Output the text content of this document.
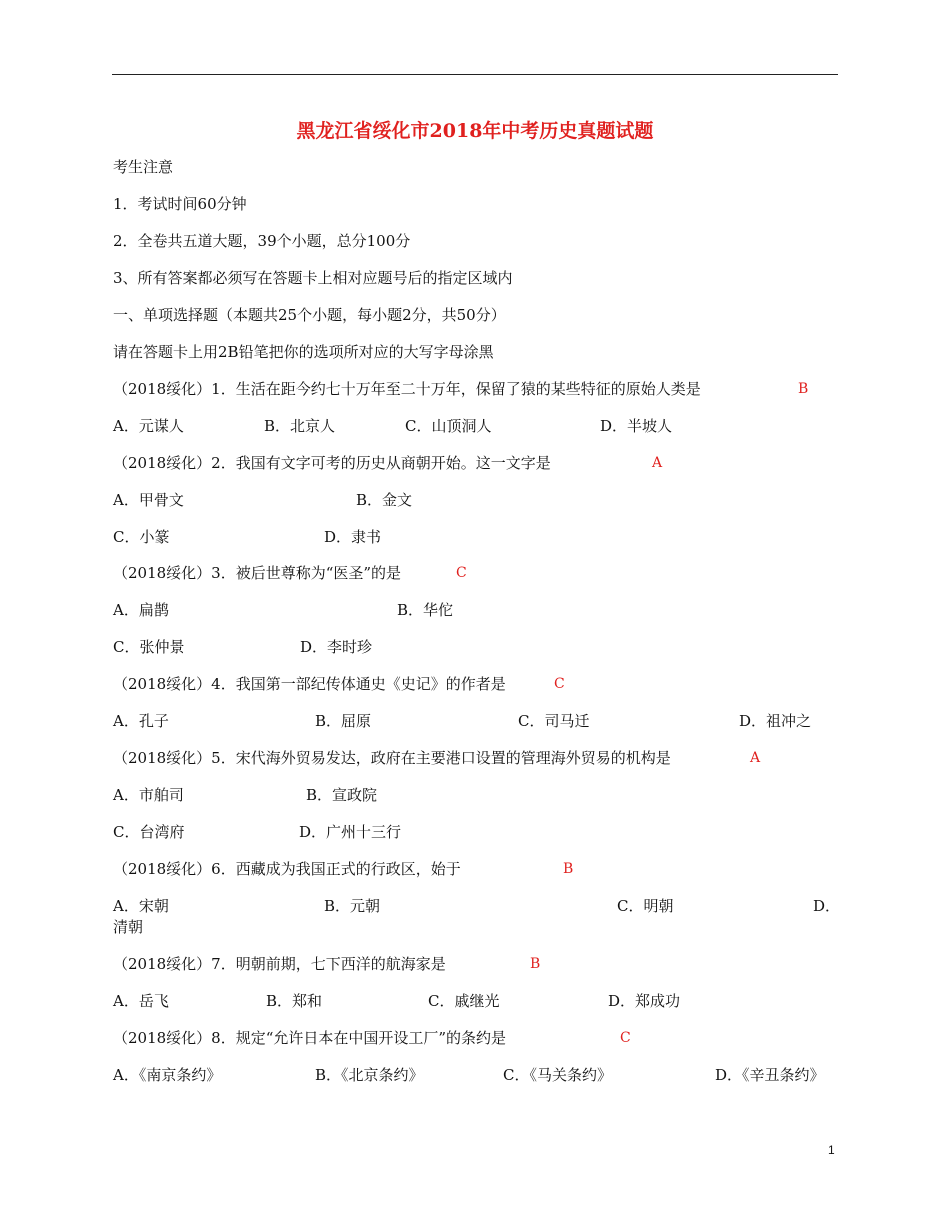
黑龙江省绥化市2018年中考历史真题试题
考生注意
1．考试时间60分钟
2．全卷共五道大题，39个小题，总分100分
3、所有答案都必须写在答题卡上相对应题号后的指定区域内
一、单项选择题（本题共25个小题，每小题2分，共50分）
请在答题卡上用2B铅笔把你的选项所对应的大写字母涂黑
（2018绥化）1．生活在距今约七十万年至二十万年，保留了猿的某些特征的原始人类是	B
A．元谋人	B．北京人	C．山顶洞人	D．半坡人
（2018绥化）2．我国有文字可考的历史从商朝开始。这一文字是	A
A．甲骨文	B．金文
C．小篆	D．隶书
（2018绥化）3．被后世尊称为“医圣”的是	C
A．扁鹊	B．华佗
C．张仲景	D．李时珍
（2018绥化）4．我国第一部纪传体通史《史记》的作者是	C
A．孔子	B．屈原	C．司马迁	D．祖冲之
（2018绥化）5．宋代海外贸易发达，政府在主要港口设置的管理海外贸易的机构是	A
A．市舶司	B．宣政院
C．台湾府	D．广州十三行
（2018绥化）6．西藏成为我国正式的行政区，始于	B
A．宋朝	B．元朝	C．明朝	D．
清朝
（2018绥化）7．明朝前期，七下西洋的航海家是	B
A．岳飞	B．郑和	C．戚继光	D．郑成功
（2018绥化）8．规定“允许日本在中国开设工厂”的条约是	C
A．《南京条约》	B．《北京条约》	C．《马关条约》	D．《辛丑条约》
1
